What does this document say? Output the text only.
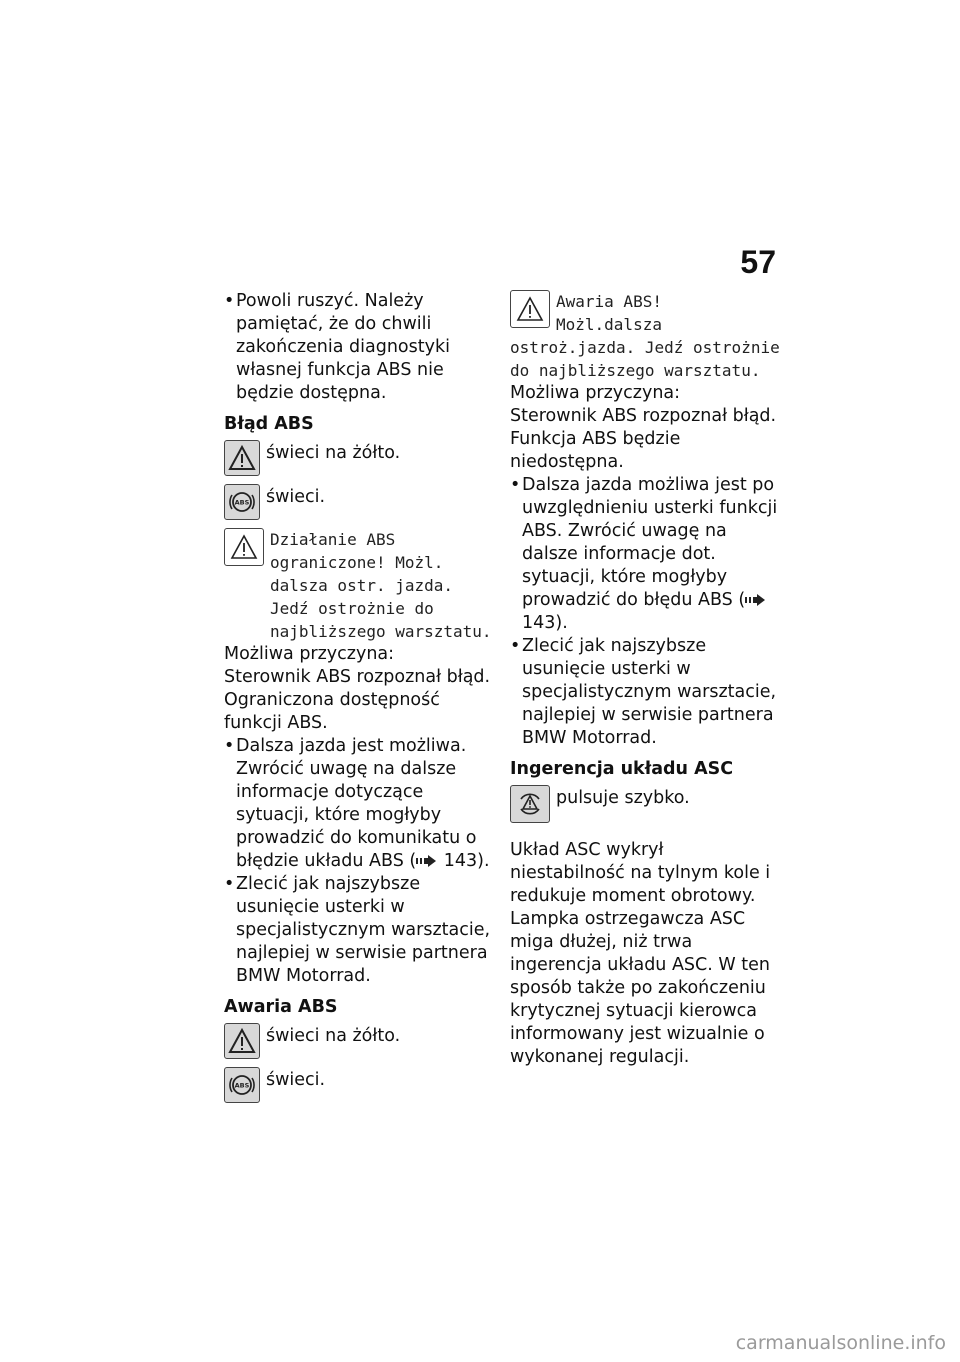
57
• Powoli ruszyć. Należy pamiętać, że do chwili zakończenia diagnostyki własnej funkcja ABS nie będzie dostępna.
Błąd ABS
świeci na żółto.
ABS świeci.
Działanie ABS
ograniczone! Możl. dalsza ostr. jazda. Jedź ostrożnie do najbliższego warsztatu.

Możliwa przyczyna:

Sterownik ABS rozpoznał błąd. Ograniczona dostępność funkcji ABS.

• Dalsza jazda jest możliwa. Zwrócić uwagę na dalsze informacje dotyczące sytuacji, które mogłyby prowadzić do komunikatu o błędzie układu ABS ( 143).
• Zlecić jak najszybsze usunięcie usterki w specjalistycznym warsztacie, najlepiej w serwisie partnera BMW Motorrad.
Awaria ABS
świeci na żółto.
ABS świeci.
Awaria ABS!
Możl.dalsza ostroż.jazda. Jedź ostrożnie do najbliższego warsztatu.

Możliwa przyczyna:

Sterownik ABS rozpoznał błąd. Funkcja ABS będzie niedostępna.

• Dalsza jazda możliwa jest po uwzględnieniu usterki funkcji ABS. Zwrócić uwagę na dalsze informacje dot. sytuacji, które mogłyby prowadzić do błędu ABS ( 143).
• Zlecić jak najszybsze usunięcie usterki w specjalistycznym warsztacie, najlepiej w serwisie partnera BMW Motorrad.
Ingerencja układu ASC
pulsuje szybko.

Układ ASC wykrył niestabilność na tylnym kole i redukuje moment obrotowy. Lampka ostrzegawcza ASC miga dłużej, niż trwa ingerencja układu ASC. W ten sposób także po zakończeniu krytycznej sytuacji kierowca informowany jest wizualnie o wykonanej regulacji.

carmanualsonline.info
